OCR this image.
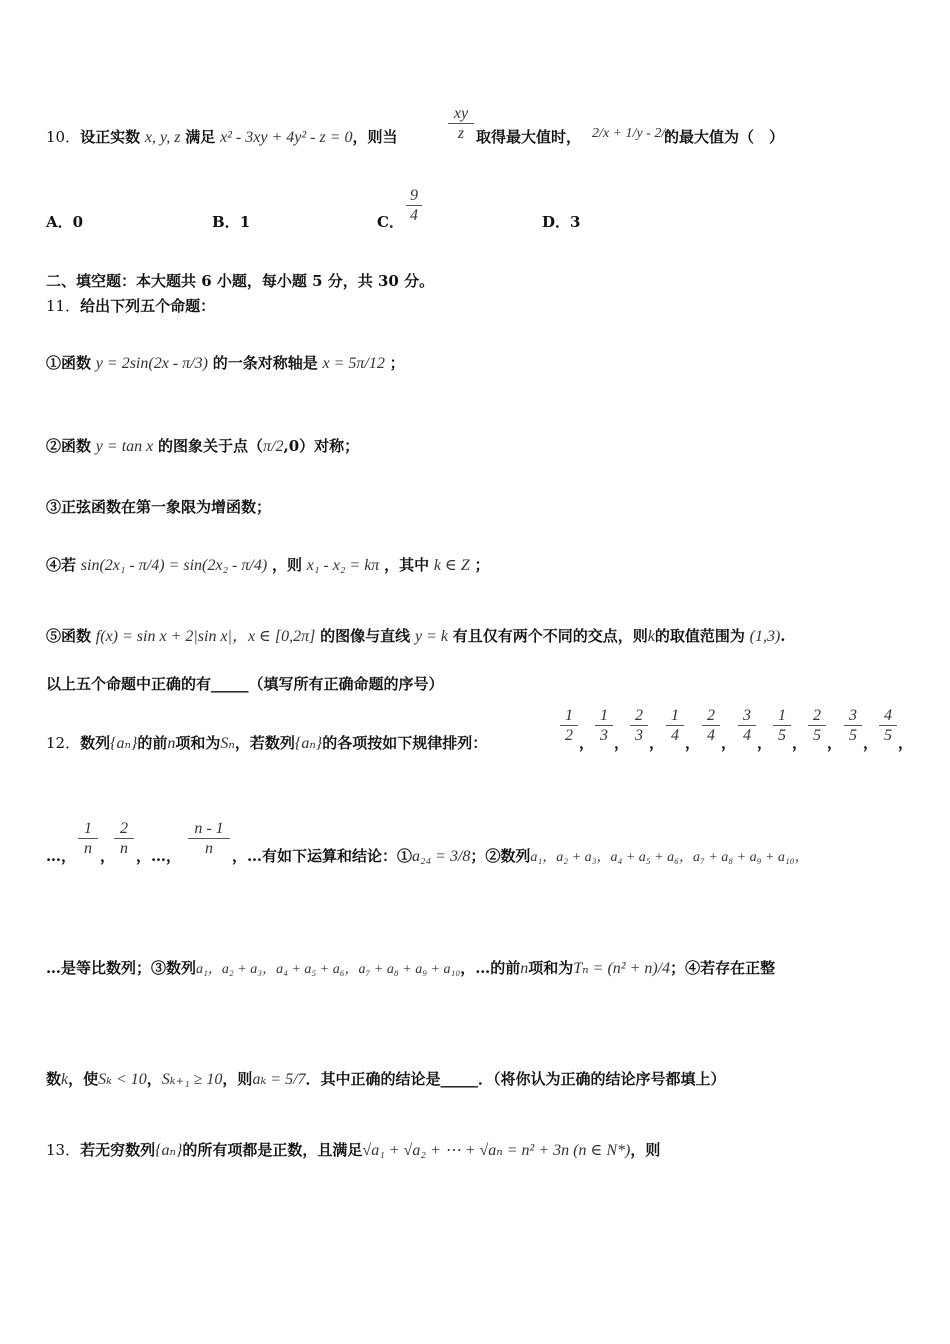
10．设正实数 x, y, z 满足 x² - 3xy + 4y² - z = 0，则当
xy
z 取得最大值时， 2/x + 1/y - 2/z
的最大值为（　）
A．0	B．1	C．
9
4	D．3
二、填空题：本大题共 6 小题，每小题 5 分，共 30 分。
11．给出下列五个命题：
①函数 y = 2sin(2x - π/3) 的一条对称轴是 x = 5π/12 ；
②函数 y = tan x 的图象关于点（π/2,0）对称；
③正弦函数在第一象限为增函数；
④若 sin(2x₁ - π/4) = sin(2x₂ - π/4) ，则 x₁ - x₂ = kπ ，其中 k ∈ Z ；
⑤函数 f(x) = sin x + 2|sin x|，x ∈ [0,2π] 的图像与直线 y = k 有且仅有两个不同的交点，则k的取值范围为 (1,3).
以上五个命题中正确的有_____（填写所有正确命题的序号）
12．数列{aₙ}的前n项和为Sₙ，若数列{aₙ}的各项按如下规律排列：
1
2 ，
1
3 ，
2
3 ，
1
4 ，
2
4 ，
3
4 ，
1
5 ，
2
5 ，
3
5 ，
4
5 ，
…，
1
n ，
2
n ，…，
n - 1
n	，…有如下运算和结论：①a₂₄ = 3/8；②数列a₁，a₂ + a₃，a₄ + a₅ + a₆，a₇ + a₈ + a₉ + a₁₀，
…是等比数列；③数列a₁，a₂ + a₃，a₄ + a₅ + a₆，a₇ + a₈ + a₉ + a₁₀，…的前n项和为Tₙ = (n² + n)/4；④若存在正整
数k，使Sₖ < 10，Sₖ₊₁ ≥ 10，则aₖ = 5/7．其中正确的结论是_____．（将你认为正确的结论序号都填上）
13．若无穷数列{aₙ}的所有项都是正数，且满足√a₁ + √a₂ + ⋯ + √aₙ = n² + 3n (n ∈ N*)，则
